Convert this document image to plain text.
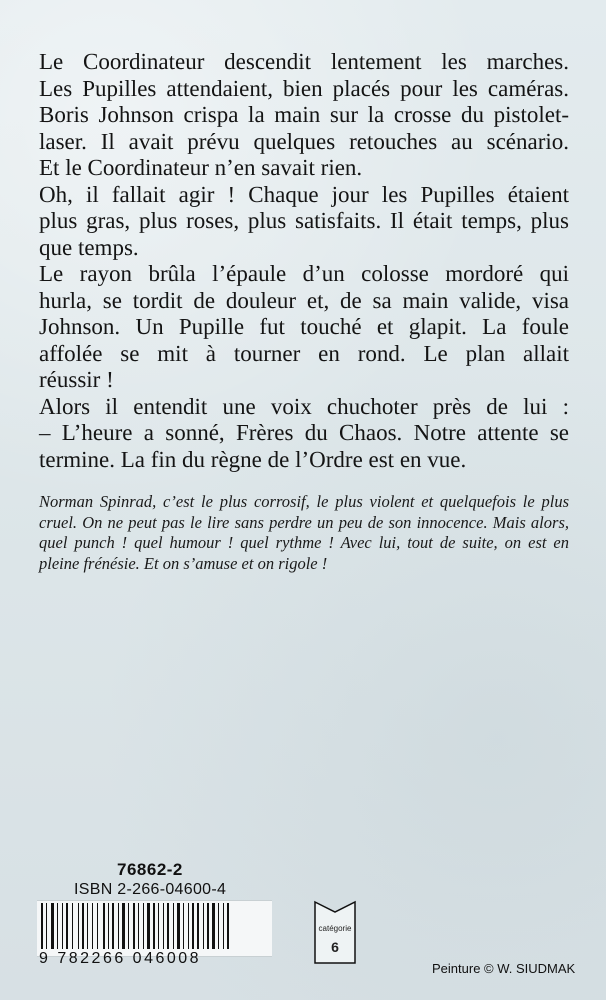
Le Coordinateur descendit lentement les marches.
Les Pupilles attendaient, bien placés pour les caméras.
Boris Johnson crispa la main sur la crosse du pistolet-
laser. Il avait prévu quelques retouches au scénario.
Et le Coordinateur n’en savait rien.
Oh, il fallait agir ! Chaque jour les Pupilles étaient
plus gras, plus roses, plus satisfaits. Il était temps, plus
que temps.
Le rayon brûla l’épaule d’un colosse mordoré qui
hurla, se tordit de douleur et, de sa main valide, visa
Johnson. Un Pupille fut touché et glapit. La foule
affolée se mit à tourner en rond. Le plan allait
réussir !
Alors il entendit une voix chuchoter près de lui :
– L’heure a sonné, Frères du Chaos. Notre attente se
termine. La fin du règne de l’Ordre est en vue.
Norman Spinrad, c’est le plus corrosif, le plus violent et quelquefois le plus
cruel. On ne peut pas le lire sans perdre un peu de son innocence. Mais alors,
quel punch ! quel humour ! quel rythme ! Avec lui, tout de suite, on est en
pleine frénésie. Et on s’amuse et on rigole !
76862-2
ISBN 2-266-04600-4
9 782266 046008
catégorie
6
Peinture © W. SIUDMAK
